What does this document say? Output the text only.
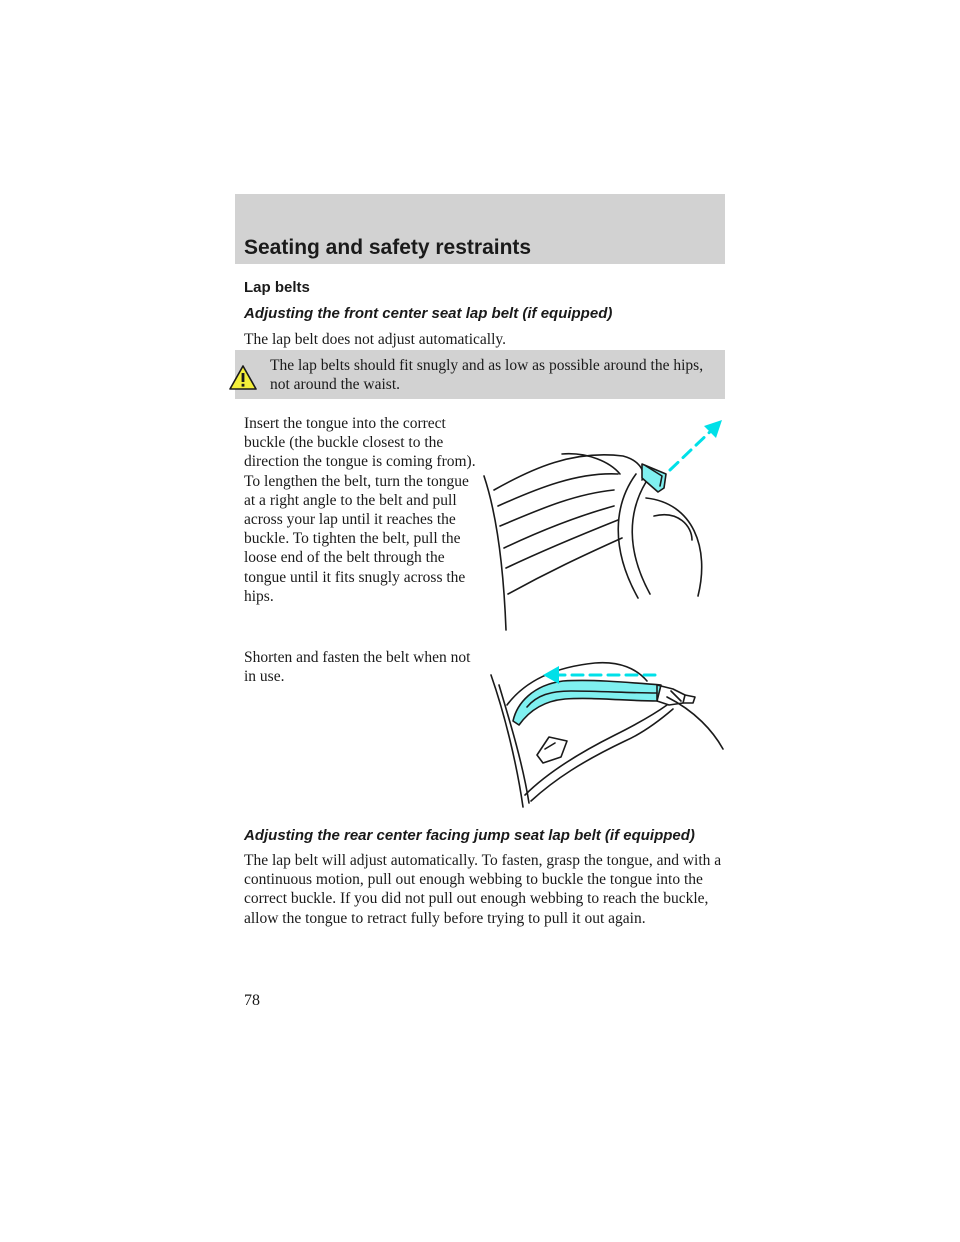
Seating and safety restraints
Lap belts
Adjusting the front center seat lap belt (if equipped)

The lap belt does not adjust automatically.

The lap belts should fit snugly and as low as possible around the hips, not around the waist.

Insert the tongue into the correct buckle (the buckle closest to the direction the tongue is coming from). To lengthen the belt, turn the tongue at a right angle to the belt and pull across your lap until it reaches the buckle. To tighten the belt, pull the loose end of the belt through the tongue until it fits snugly across the hips.

Shorten and fasten the belt when not in use.

Adjusting the rear center facing jump seat lap belt (if equipped)

The lap belt will adjust automatically. To fasten, grasp the tongue, and with a continuous motion, pull out enough webbing to buckle the tongue into the correct buckle. If you did not pull out enough webbing to reach the buckle, allow the tongue to retract fully before trying to pull it out again.

78
